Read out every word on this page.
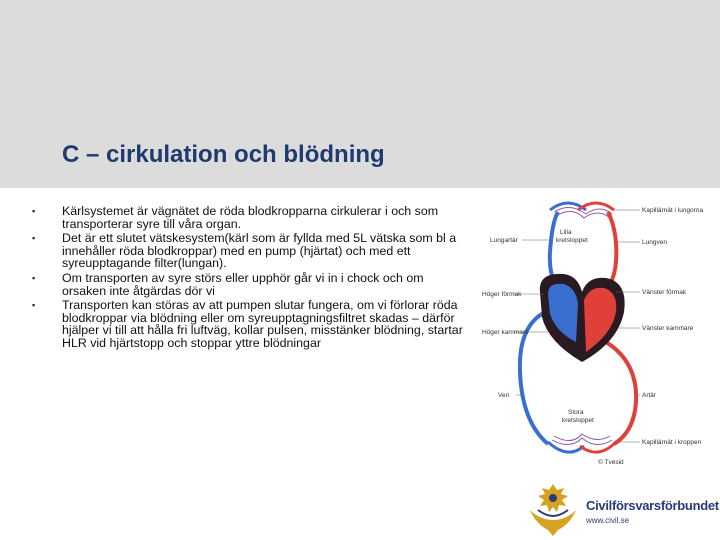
C – cirkulation och blödning
▪ Kärlsystemet är vägnätet de röda blodkropparna cirkulerar i och som transporterar syre till våra organ.
▪ Det är ett slutet vätskesystem(kärl som är fyllda med 5L vätska som bl a innehåller röda blodkroppar) med en pump (hjärtat) och med ett syreupptagande filter(lungan).
▪ Om transporten av syre störs eller upphör går vi in i chock och om orsaken inte åtgärdas dör vi
▪ Transporten kan störas av att pumpen slutar fungera, om vi förlorar röda blodkroppar via blödning eller om syreupptagningsfiltret skadas – därför hjälper vi till att hålla fri luftväg, kollar pulsen, misstänker blödning, startar HLR vid hjärtstopp och stoppar yttre blödningar
Kapillärnät i lungorna
Lilla
kretsloppet
Lungartär	Lungven
Höger förmak	Vänster förmak
Höger kammare
Vänster kammare
Ven	Artär
Stora
kretsloppet
Kapillärnät i kroppen
© Tvesid
Civilförsvarsförbundet
www.civil.se
